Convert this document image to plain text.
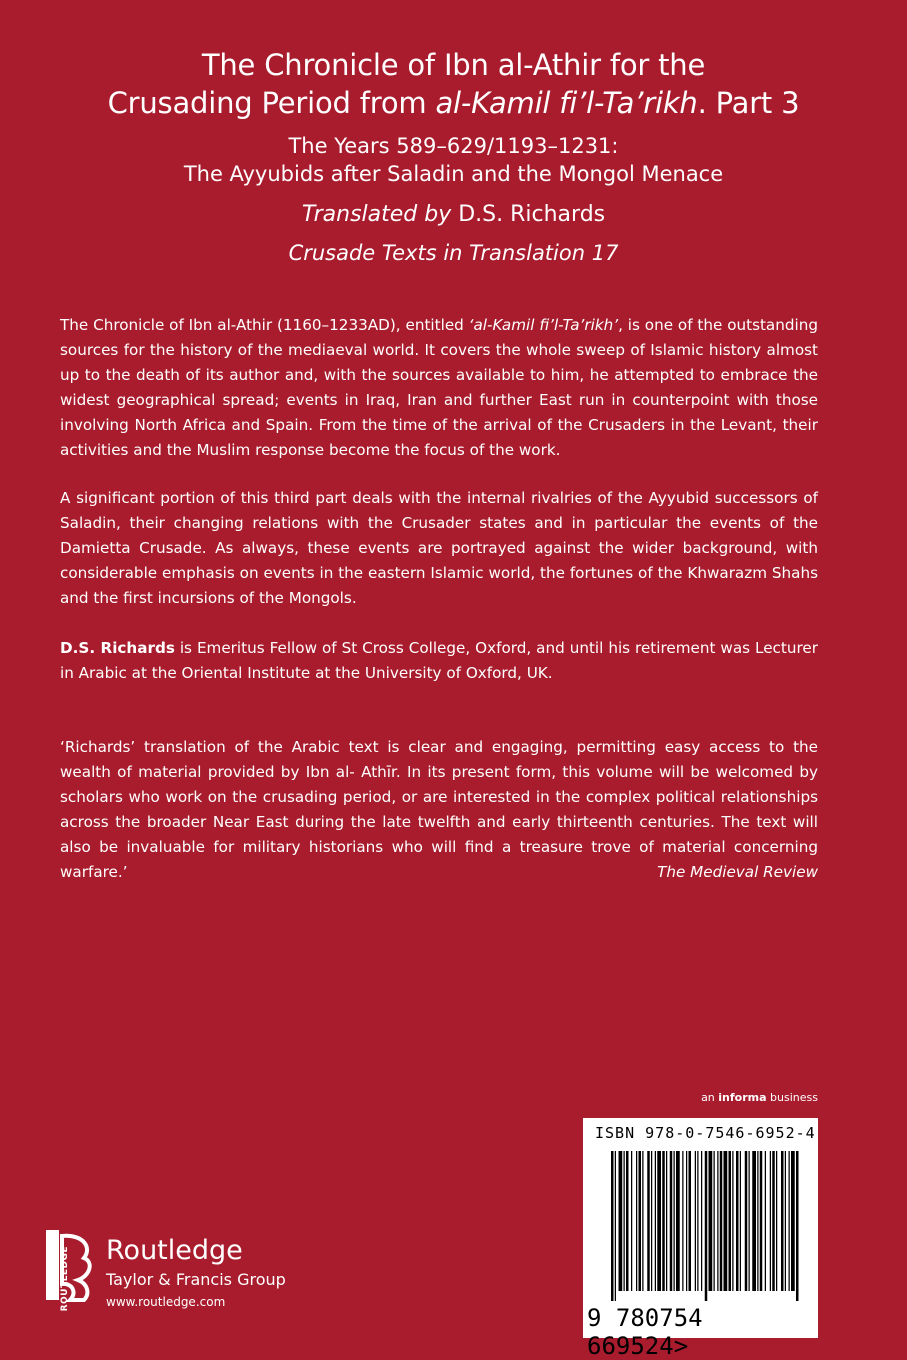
The Chronicle of Ibn al-Athir for the
Crusading Period from al-Kamil fi’l-Ta’rikh. Part 3
The Years 589–629/1193–1231:
The Ayyubids after Saladin and the Mongol Menace
Translated by D.S. Richards
Crusade Texts in Translation 17
The Chronicle of Ibn al-Athir (1160–1233AD), entitled ‘al-Kamil fi’l-Ta’rikh’, is one of the outstanding sources for the history of the mediaeval world. It covers the whole sweep of Islamic history almost up to the death of its author and, with the sources available to him, he attempted to embrace the widest geographical spread; events in Iraq, Iran and further East run in counterpoint with those involving North Africa and Spain. From the time of the arrival of the Crusaders in the Levant, their activities and the Muslim response become the focus of the work.
A significant portion of this third part deals with the internal rivalries of the Ayyubid successors of Saladin, their changing relations with the Crusader states and in particular the events of the Damietta Crusade. As always, these events are portrayed against the wider background, with considerable emphasis on events in the eastern Islamic world, the fortunes of the Khwarazm Shahs and the first incursions of the Mongols.
D.S. Richards is Emeritus Fellow of St Cross College, Oxford, and until his retirement was Lecturer in Arabic at the Oriental Institute at the University of Oxford, UK.
‘Richards’ translation of the Arabic text is clear and engaging, permitting easy access to the wealth of material provided by Ibn al- Athīr. In its present form, this volume will be welcomed by scholars who work on the crusading period, or are interested in the complex political relationships across the broader Near East during the late twelfth and early thirteenth centuries. The text will also be invaluable for military historians who will find a treasure trove of material concerning warfare.’	The Medieval Review
an informa business
ISBN 978-0-7546-6952-4
9 780754 669524>
ROUTLEDGE Routledge
Taylor & Francis Group
www.routledge.com
